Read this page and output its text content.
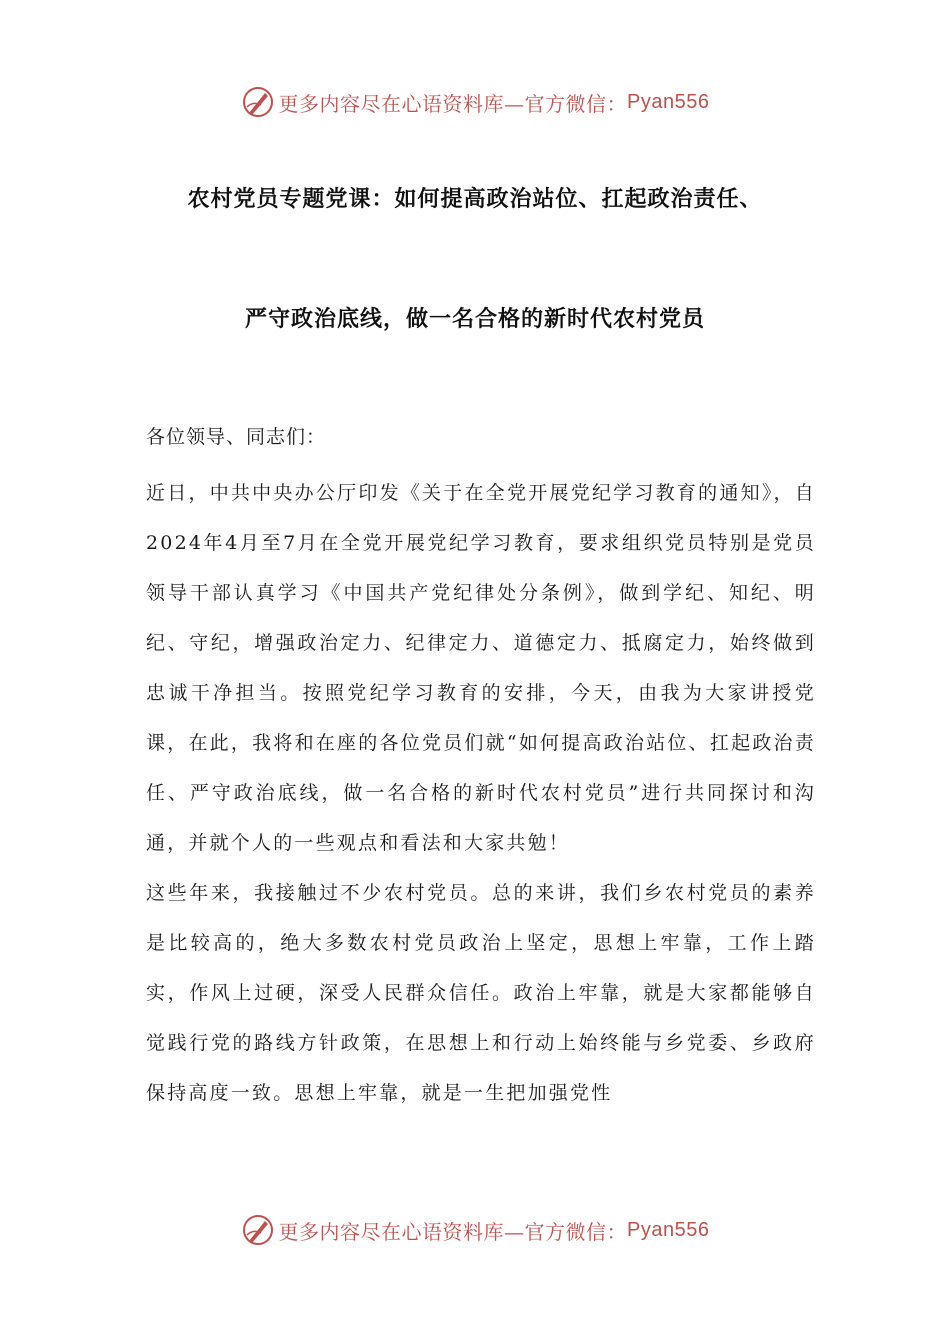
更多内容尽在心语资料库—官方微信： Pyan556
农村党员专题党课：如何提高政治站位、扛起政治责任、
严守政治底线，做一名合格的新时代农村党员
各位领导、同志们：

近日，中共中央办公厅印发《关于在全党开展党纪学习教育的通知》，自2024年4月至7月在全党开展党纪学习教育，要求组织党员特别是党员领导干部认真学习《中国共产党纪律处分条例》，做到学纪、知纪、明纪、守纪，增强政治定力、纪律定力、道德定力、抵腐定力，始终做到忠诚干净担当。按照党纪学习教育的安排，今天，由我为大家讲授党课，在此，我将和在座的各位党员们就“如何提高政治站位、扛起政治责任、严守政治底线，做一名合格的新时代农村党员”进行共同探讨和沟通，并就个人的一些观点和看法和大家共勉！

这些年来，我接触过不少农村党员。总的来讲，我们乡农村党员的素养是比较高的，绝大多数农村党员政治上坚定，思想上牢靠，工作上踏实，作风上过硬，深受人民群众信任。政治上牢靠，就是大家都能够自觉践行党的路线方针政策，在思想上和行动上始终能与乡党委、乡政府保持高度一致。思想上牢靠，就是一生把加强党性

更多内容尽在心语资料库—官方微信： Pyan556
